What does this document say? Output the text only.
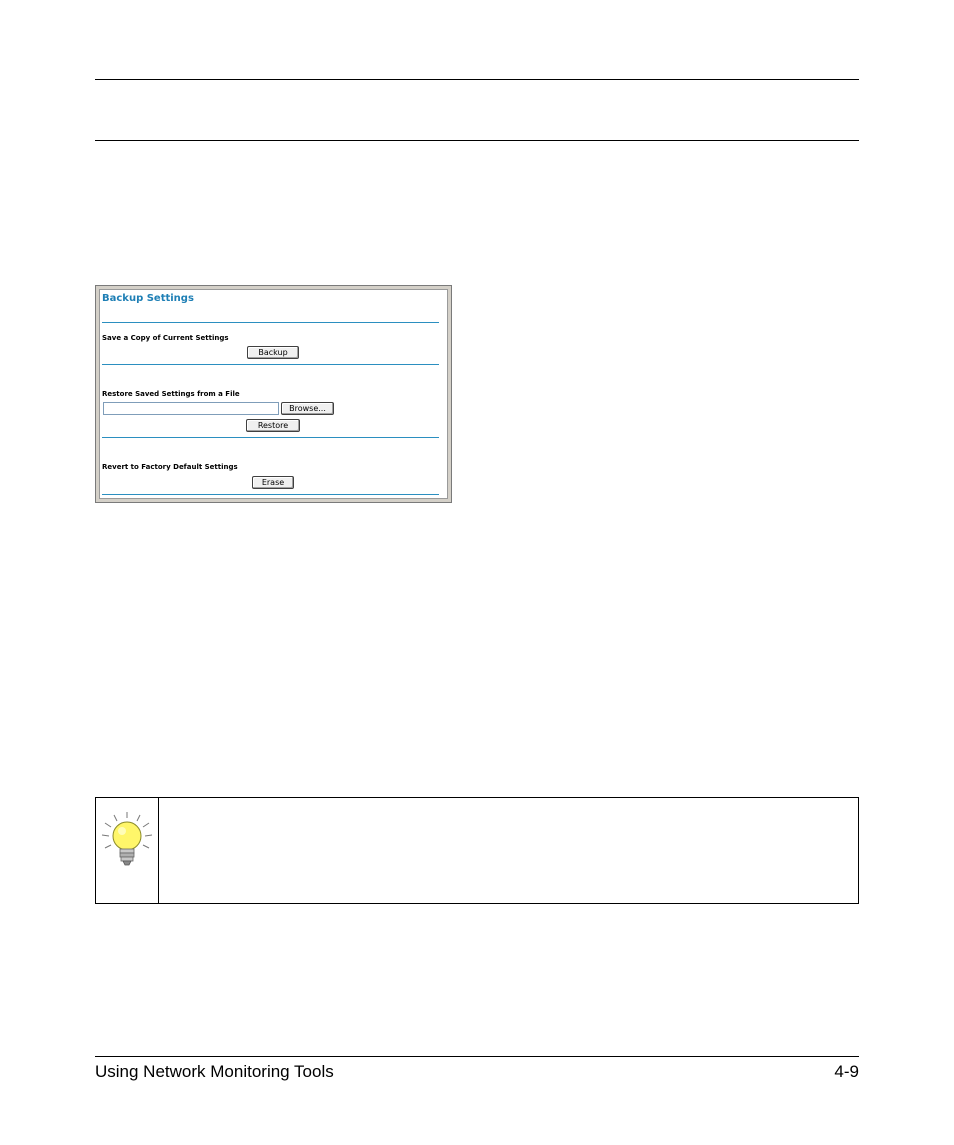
Backup Settings
Save a Copy of Current Settings
Backup
Restore Saved Settings from a File
Browse...
Restore
Revert to Factory Default Settings
Erase
Using Network Monitoring Tools	4-9
